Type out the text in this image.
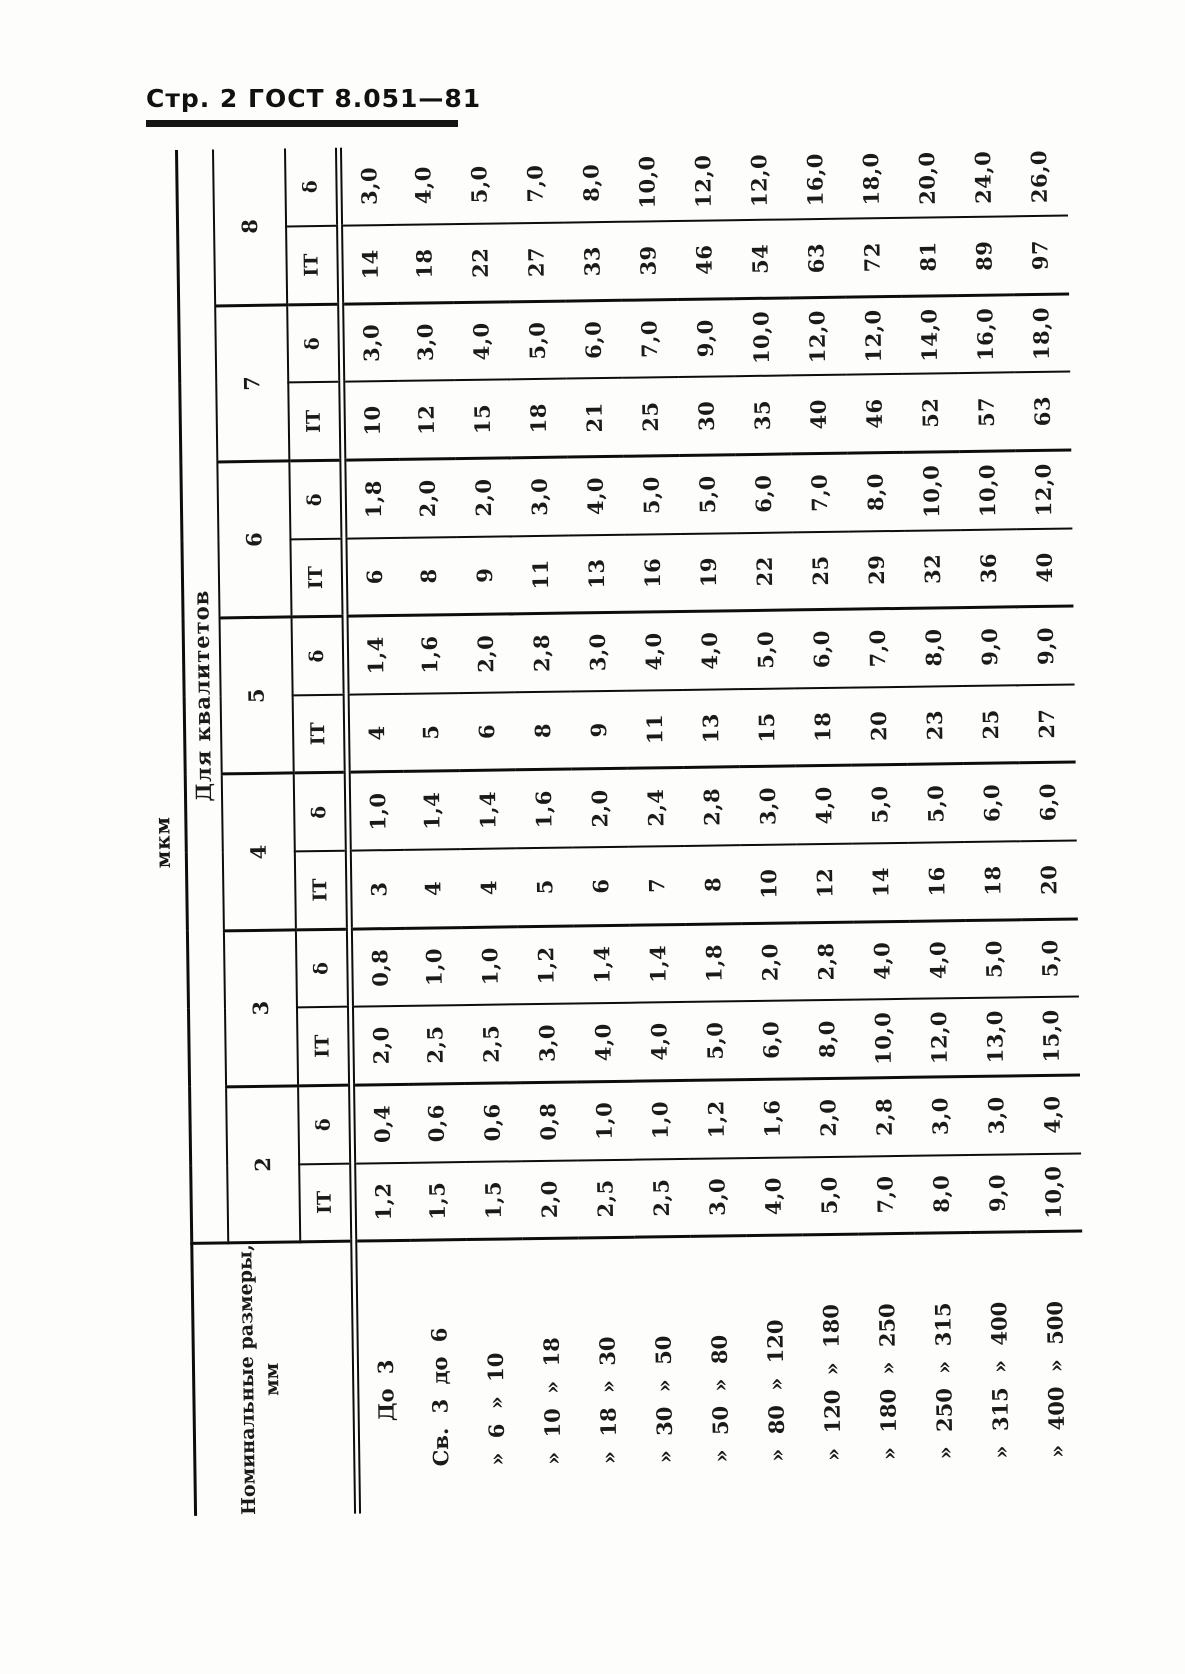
Стр. 2 ГОСТ 8.051—81
мкм
Номинальные размеры, мм	Для квалитетов													
	2		3		4		5		6		7		8	
	IT	δ	IT	δ	IT	δ	IT	δ	IT	δ	IT	δ	IT	δ
До 3	1,2	0,4	2,0	0,8	3	1,0	4	1,4	6	1,8	10	3,0	14	3,0
Св. 3 до 6	1,5	0,6	2,5	1,0	4	1,4	5	1,6	8	2,0	12	3,0	18	4,0
» 6 » 10	1,5	0,6	2,5	1,0	4	1,4	6	2,0	9	2,0	15	4,0	22	5,0
» 10 » 18	2,0	0,8	3,0	1,2	5	1,6	8	2,8	11	3,0	18	5,0	27	7,0
» 18 » 30	2,5	1,0	4,0	1,4	6	2,0	9	3,0	13	4,0	21	6,0	33	8,0
» 30 » 50	2,5	1,0	4,0	1,4	7	2,4	11	4,0	16	5,0	25	7,0	39	10,0
» 50 » 80	3,0	1,2	5,0	1,8	8	2,8	13	4,0	19	5,0	30	9,0	46	12,0
» 80 » 120	4,0	1,6	6,0	2,0	10	3,0	15	5,0	22	6,0	35	10,0	54	12,0
» 120 » 180	5,0	2,0	8,0	2,8	12	4,0	18	6,0	25	7,0	40	12,0	63	16,0
» 180 » 250	7,0	2,8	10,0	4,0	14	5,0	20	7,0	29	8,0	46	12,0	72	18,0
» 250 » 315	8,0	3,0	12,0	4,0	16	5,0	23	8,0	32	10,0	52	14,0	81	20,0
» 315 » 400	9,0	3,0	13,0	5,0	18	6,0	25	9,0	36	10,0	57	16,0	89	24,0
» 400 » 500	10,0	4,0	15,0	5,0	20	6,0	27	9,0	40	12,0	63	18,0	97	26,0
